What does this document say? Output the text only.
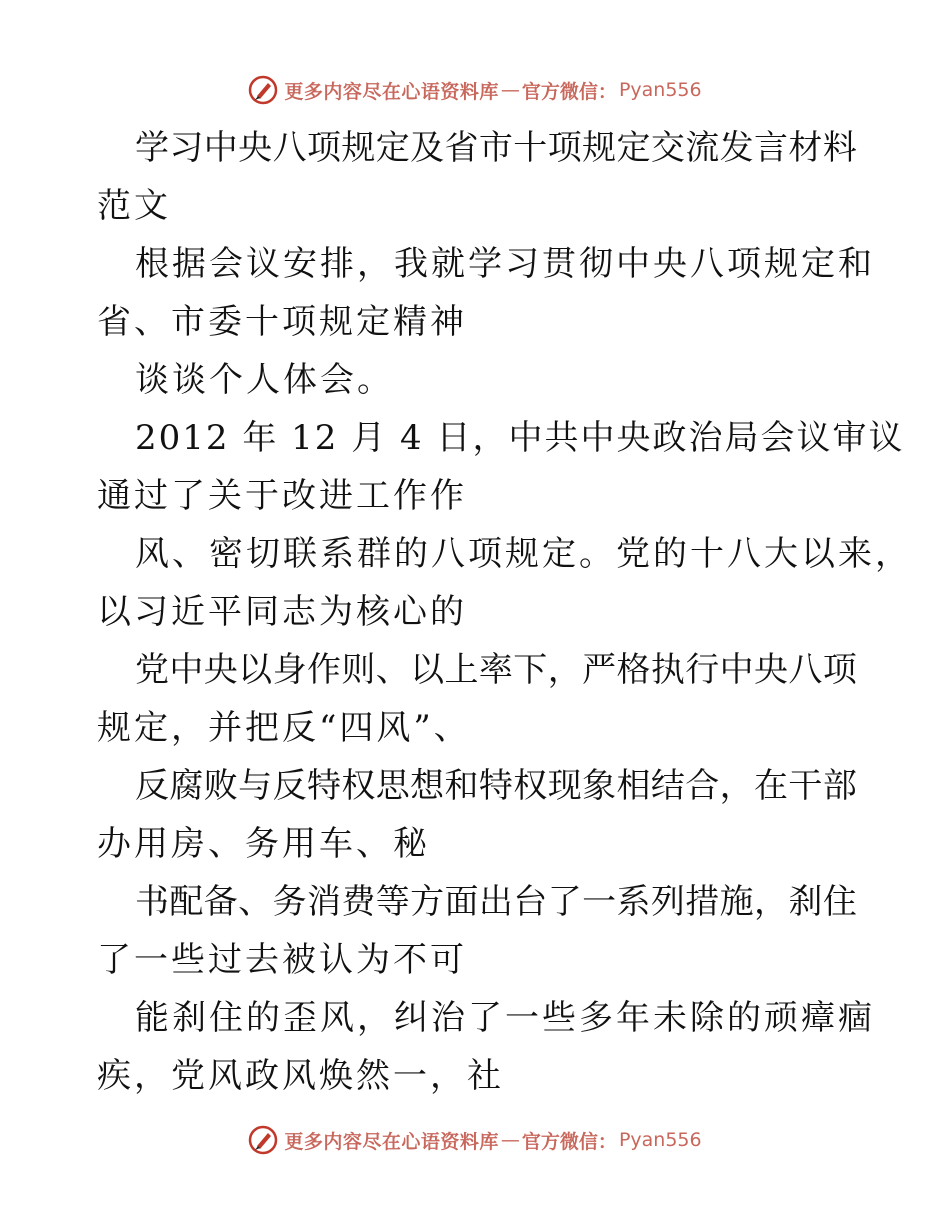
更多内容尽在心语资料库 — 官方微信： Pyan556
学 习 中 央 八 项 规 定 及 省 市 十 项 规 定 交 流 发 言 材 料
范文
根据会议安排，我就学习贯彻中央八项规定和
省、市委十项规定精神
谈谈个人体会。
2012 年 12 月 4 日，中共中央政治局会议审议
通过了关于改进工作作
风、密切联系群的八项规定。党的十八大以来，
以习近平同志为核心的
党 中 央 以 身 作 则 、 以 上 率 下 ， 严 格 执 行 中 央 八 项
规定，并把反“四风”、
反 腐 败 与 反 特 权 思 想 和 特 权 现 象 相 结 合 ， 在 干 部
办用房、务用车、秘
书 配 备 、 务 消 费 等 方 面 出 台 了 一 系 列 措 施 ， 刹 住
了一些过去被认为不可
能刹住的歪风，纠治了一些多年未除的顽瘴痼
疾，党风政风焕然一，社
更多内容尽在心语资料库 — 官方微信： Pyan556
